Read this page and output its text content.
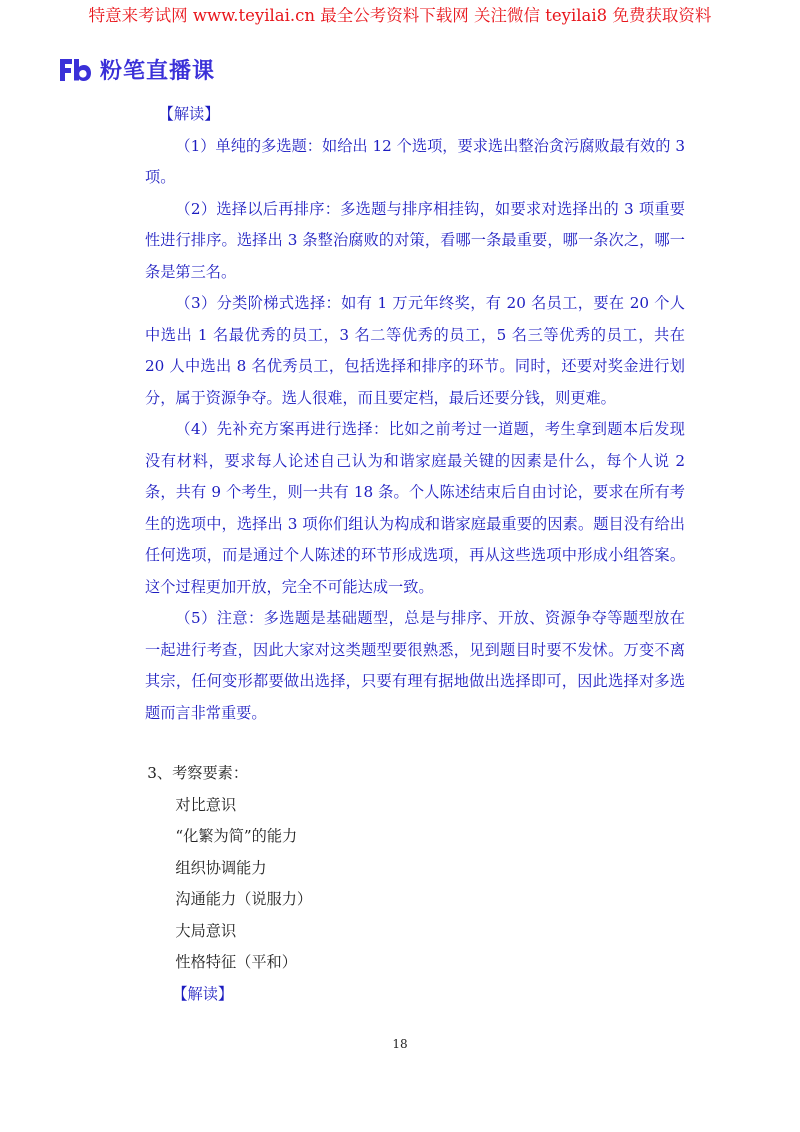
特意来考试网 www.teyilai.cn 最全公考资料下载网 关注微信 teyilai8 免费获取资料
粉笔直播课

【解读】

（1）单纯的多选题：如给出 12 个选项，要求选出整治贪污腐败最有效的 3 项。

（2）选择以后再排序：多选题与排序相挂钩，如要求对选择出的 3 项重要性进行排序。选择出 3 条整治腐败的对策，看哪一条最重要，哪一条次之，哪一条是第三名。

（3）分类阶梯式选择：如有 1 万元年终奖，有 20 名员工，要在 20 个人中选出 1 名最优秀的员工，3 名二等优秀的员工，5 名三等优秀的员工，共在 20 人中选出 8 名优秀员工，包括选择和排序的环节。同时，还要对奖金进行划分，属于资源争夺。选人很难，而且要定档，最后还要分钱，则更难。

（4）先补充方案再进行选择：比如之前考过一道题，考生拿到题本后发现没有材料，要求每人论述自己认为和谐家庭最关键的因素是什么，每个人说 2 条，共有 9 个考生，则一共有 18 条。个人陈述结束后自由讨论，要求在所有考生的选项中，选择出 3 项你们组认为构成和谐家庭最重要的因素。题目没有给出任何选项，而是通过个人陈述的环节形成选项，再从这些选项中形成小组答案。这个过程更加开放，完全不可能达成一致。

（5）注意：多选题是基础题型，总是与排序、开放、资源争夺等题型放在一起进行考查，因此大家对这类题型要很熟悉，见到题目时要不发怵。万变不离其宗，任何变形都要做出选择，只要有理有据地做出选择即可，因此选择对多选题而言非常重要。

3、考察要素：

对比意识

“化繁为简”的能力

组织协调能力

沟通能力（说服力）

大局意识

性格特征（平和）

【解读】

18
